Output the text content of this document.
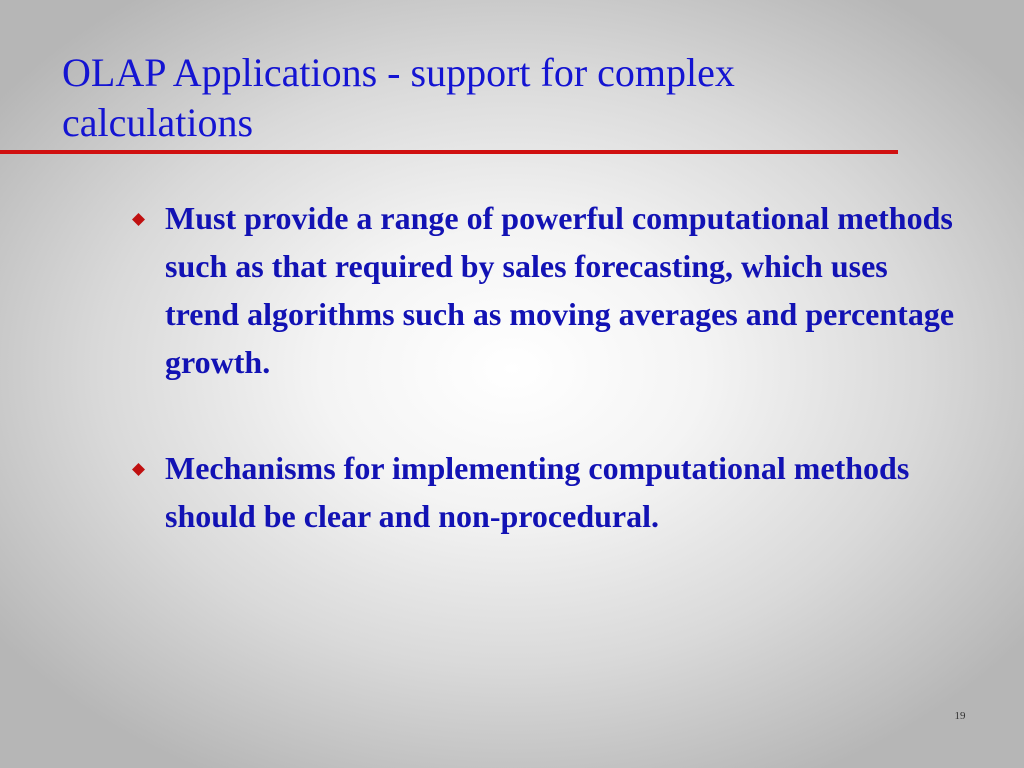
OLAP Applications - support for complex calculations
Must provide a range of powerful computational methods such as that required by sales forecasting, which uses trend algorithms such as moving averages and percentage growth.
Mechanisms for implementing computational methods should be clear and non-procedural.
19
